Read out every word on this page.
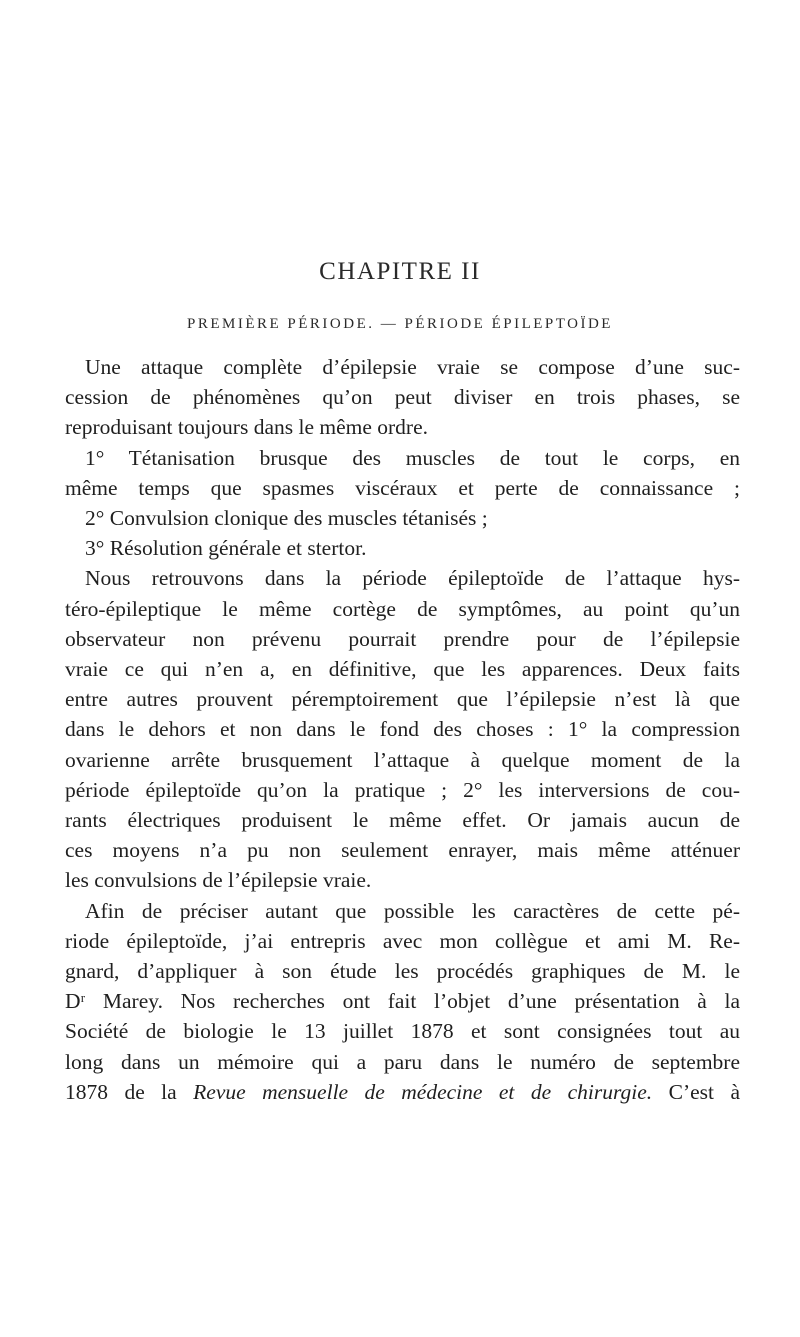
CHAPITRE II
PREMIÈRE PÉRIODE. — PÉRIODE ÉPILEPTOÏDE
Une attaque complète d’épilepsie vraie se compose d’une suc-
cession de phénomènes qu’on peut diviser en trois phases, se
reproduisant toujours dans le même ordre.
1° Tétanisation brusque des muscles de tout le corps, en
même temps que spasmes viscéraux et perte de connaissance ;
2° Convulsion clonique des muscles tétanisés ;
3° Résolution générale et stertor.
Nous retrouvons dans la période épileptoïde de l’attaque hys-
téro-épileptique le même cortège de symptômes, au point qu’un
observateur non prévenu pourrait prendre pour de l’épilepsie
vraie ce qui n’en a, en définitive, que les apparences. Deux faits
entre autres prouvent péremptoirement que l’épilepsie n’est là que
dans le dehors et non dans le fond des choses : 1° la compression
ovarienne arrête brusquement l’attaque à quelque moment de la
période épileptoïde qu’on la pratique ; 2° les interversions de cou-
rants électriques produisent le même effet. Or jamais aucun de
ces moyens n’a pu non seulement enrayer, mais même atténuer
les convulsions de l’épilepsie vraie.
Afin de préciser autant que possible les caractères de cette pé-
riode épileptoïde, j’ai entrepris avec mon collègue et ami M. Re-
gnard, d’appliquer à son étude les procédés graphiques de M. le
Dʳ Marey. Nos recherches ont fait l’objet d’une présentation à la
Société de biologie le 13 juillet 1878 et sont consignées tout au
long dans un mémoire qui a paru dans le numéro de septembre
1878 de la Revue mensuelle de médecine et de chirurgie. C’est à
